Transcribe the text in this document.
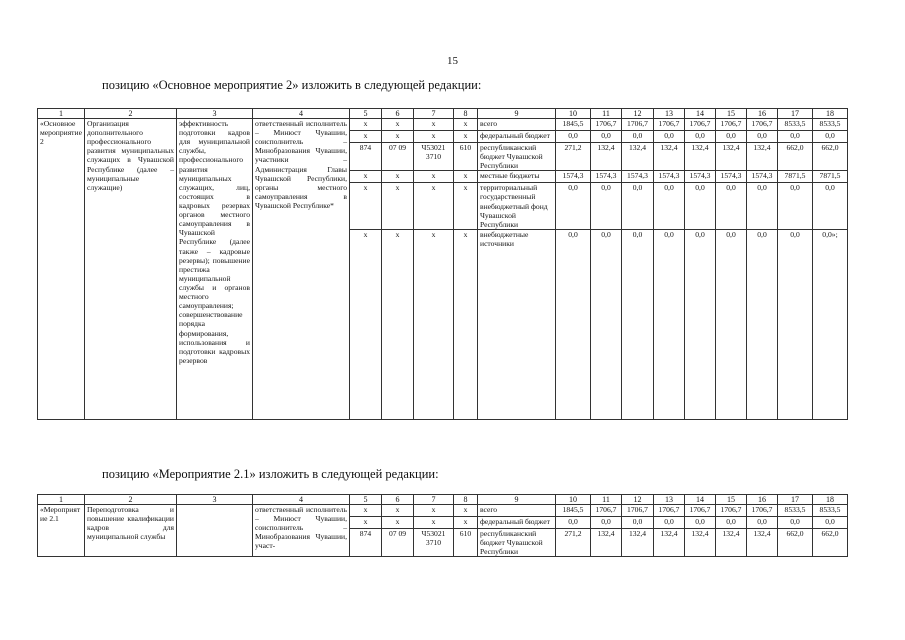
15
позицию «Основное мероприятие 2» изложить в следующей редакции:
позицию «Мероприятие 2.1» изложить в следующей редакции:
1	2	3	4	5	6	7	8	9	10	11	12	13	14	15	16	17	18
«Основное мероприятие 2	Организация дополнительного профессионального развития муниципальных служащих в Чувашской Республике (далее – муниципальные служащие)	эффективность подготовки кадров для муниципальной службы, профессионального развития муниципальных служащих, лиц, состоящих в кадровых резервах органов местного самоуправления в Чувашской Республике (далее также – кадровые резервы); повышение престижа муниципальной службы и органов местного самоуправления; совершенствование порядка формирования, использования и подготовки кадровых резервов	ответственный исполнитель – Минюст Чувашии, соисполнитель – Минобразования Чувашии, участники – Администрация Главы Чувашской Республики, органы местного самоуправления в Чувашской Республике*	x	x	x	x	всего	1845,5	1706,7	1706,7	1706,7	1706,7	1706,7	1706,7	8533,5	8533,5
				x	x	x	x	федеральный бюджет	0,0	0,0	0,0	0,0	0,0	0,0	0,0	0,0	0,0
				874	07 09	Ч53021 3710	610	республиканский бюджет Чувашской Республики	271,2	132,4	132,4	132,4	132,4	132,4	132,4	662,0	662,0
				x	x	x	x	местные бюджеты	1574,3	1574,3	1574,3	1574,3	1574,3	1574,3	1574,3	7871,5	7871,5
				x	x	x	x	территориальный государственный внебюджетный фонд Чувашской Республики	0,0	0,0	0,0	0,0	0,0	0,0	0,0	0,0	0,0
				x	x	x	x	внебюджетные источники	0,0	0,0	0,0	0,0	0,0	0,0	0,0	0,0	0,0»;
1	2	3	4	5	6	7	8	9	10	11	12	13	14	15	16	17	18
«Мероприятие 2.1	Переподготовка и повышение квалификации кадров для муниципальной службы		ответственный исполнитель – Минюст Чувашии, соисполнитель – Минобразования Чувашии, участ-	x	x	x	x	всего	1845,5	1706,7	1706,7	1706,7	1706,7	1706,7	1706,7	8533,5	8533,5
				x	x	x	x	федеральный бюджет	0,0	0,0	0,0	0,0	0,0	0,0	0,0	0,0	0,0
				874	07 09	Ч53021 3710	610	республиканский бюджет Чувашской Республики	271,2	132,4	132,4	132,4	132,4	132,4	132,4	662,0	662,0
